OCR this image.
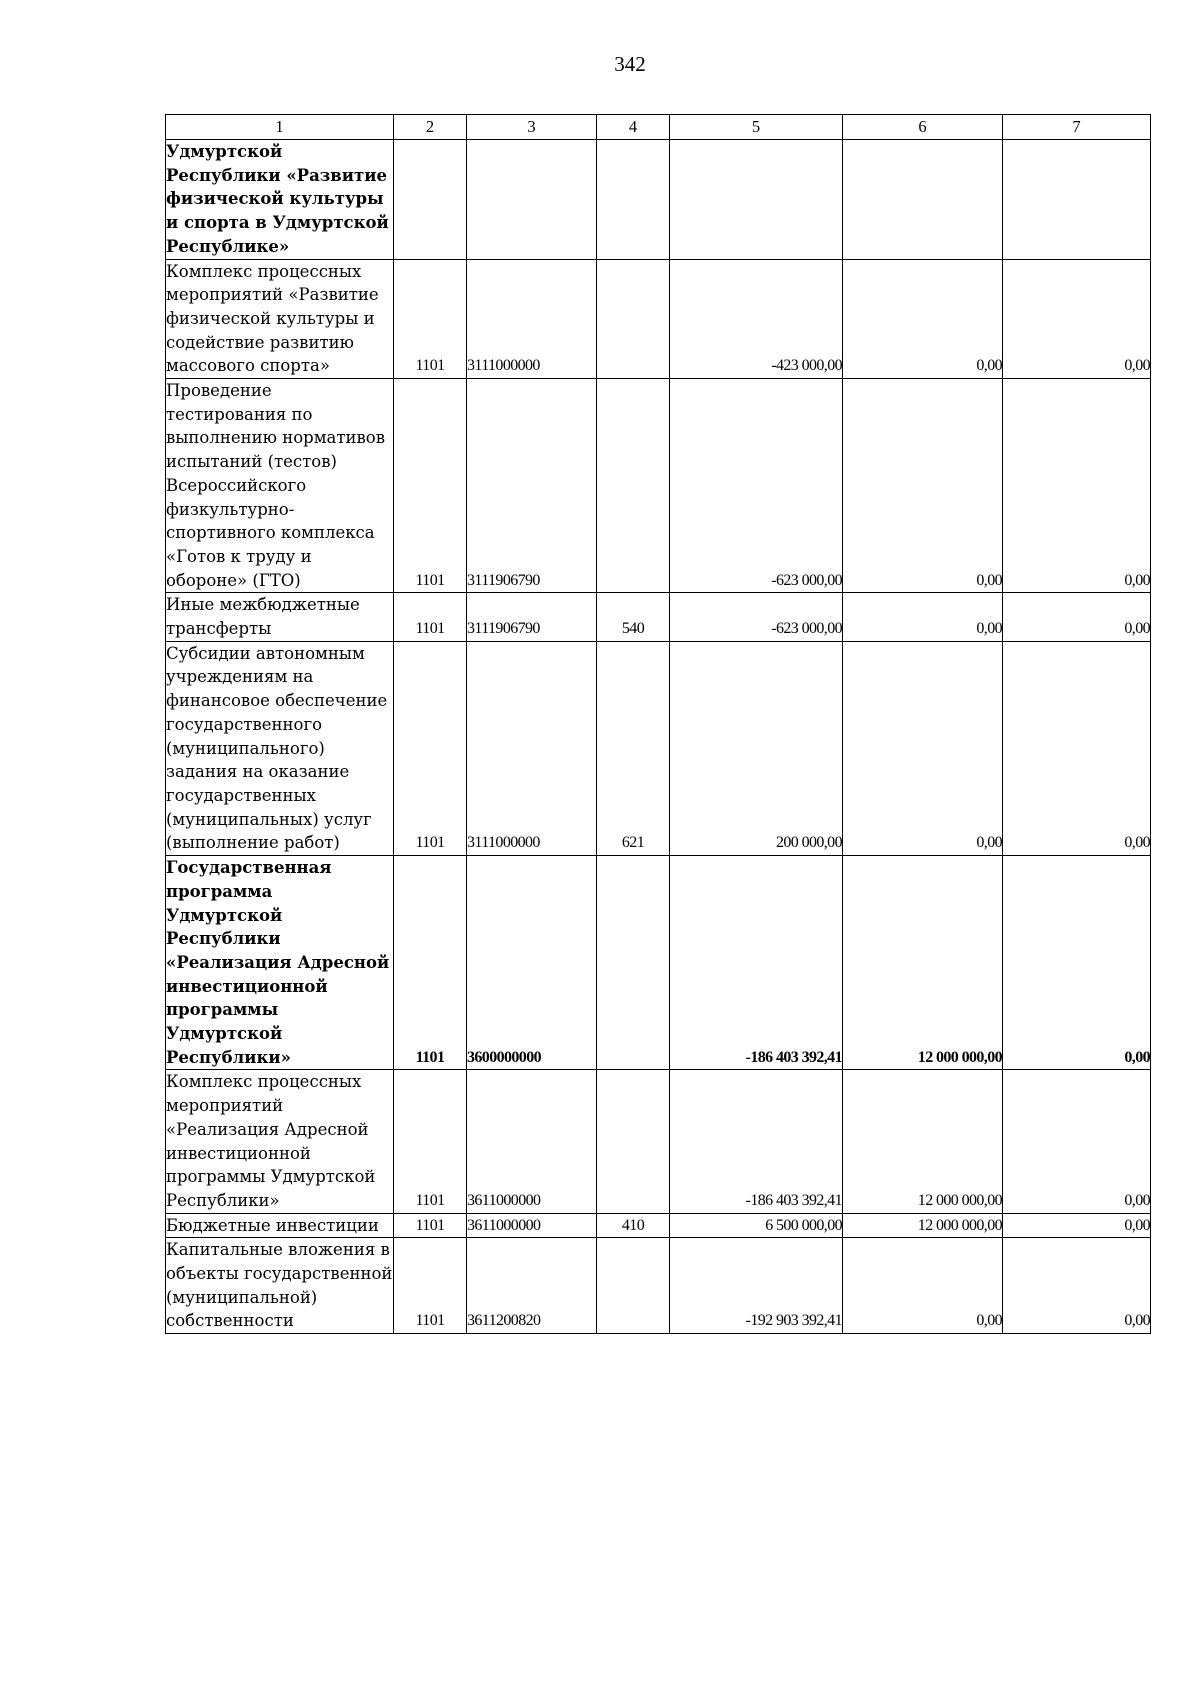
342
1	2	3	4	5	6	7
Удмуртской Республики «Развитие физической культуры и спорта в Удмуртской Республике»						
Комплекс процессных мероприятий «Развитие физической культуры и содействие развитию массового спорта»	1101	3111000000		-423 000,00	0,00	0,00
Проведение тестирования по выполнению нормативов испытаний (тестов) Всероссийского физкультурно-спортивного комплекса «Готов к труду и обороне» (ГТО)	1101	3111906790		-623 000,00	0,00	0,00
Иные межбюджетные трансферты	1101	3111906790	540	-623 000,00	0,00	0,00
Субсидии автономным учреждениям на финансовое обеспечение государственного (муниципального) задания на оказание государственных (муниципальных) услуг (выполнение работ)	1101	3111000000	621	200 000,00	0,00	0,00
Государственная программа Удмуртской Республики «Реализация Адресной инвестиционной программы Удмуртской Республики»	1101	3600000000		-186 403 392,41	12 000 000,00	0,00
Комплекс процессных мероприятий «Реализация Адресной инвестиционной программы Удмуртской Республики»	1101	3611000000		-186 403 392,41	12 000 000,00	0,00
Бюджетные инвестиции	1101	3611000000	410	6 500 000,00	12 000 000,00	0,00
Капитальные вложения в объекты государственной (муниципальной) собственности	1101	3611200820		-192 903 392,41	0,00	0,00
